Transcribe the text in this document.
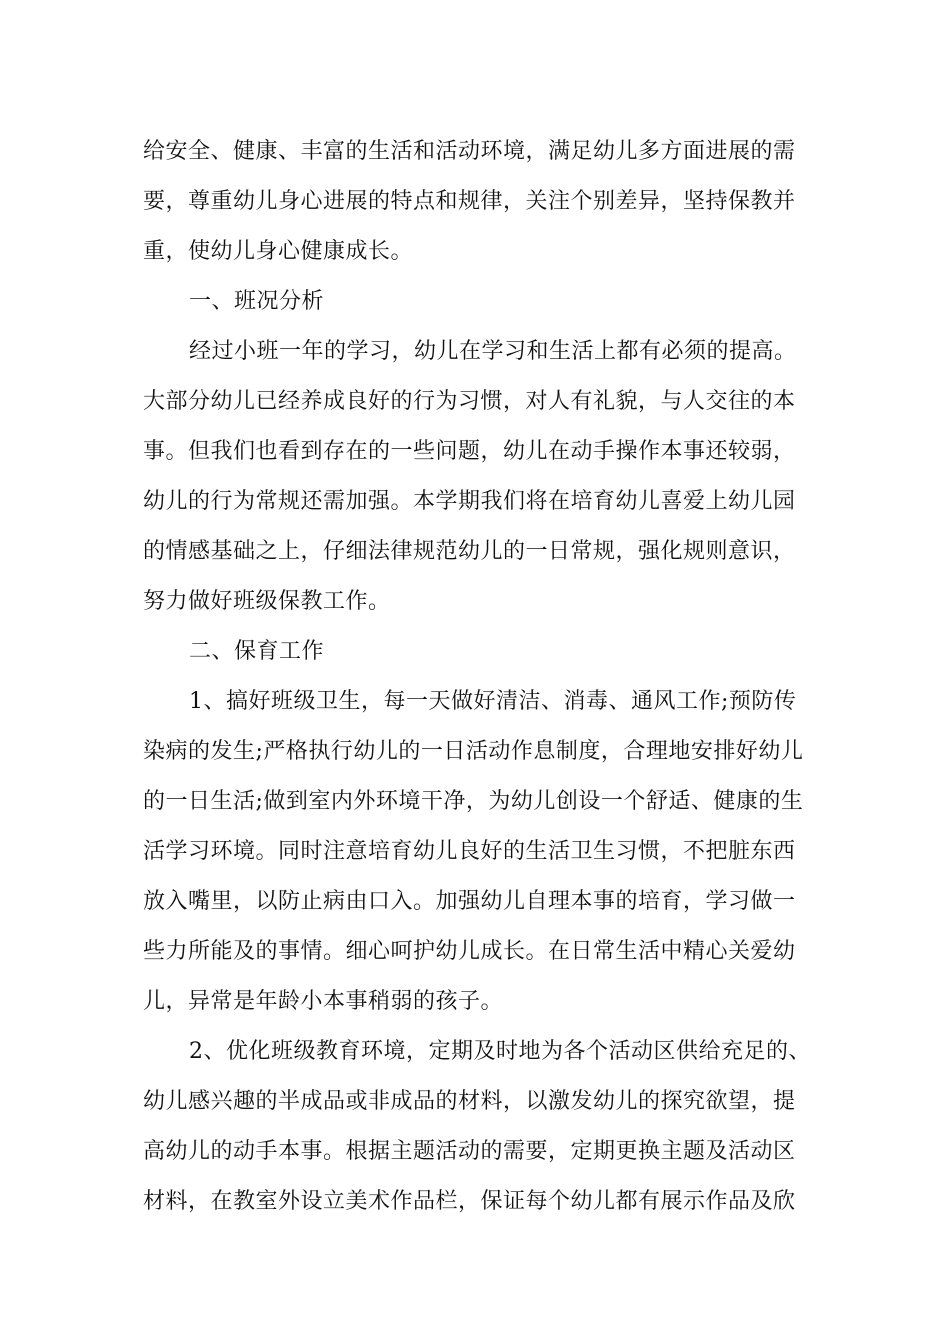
给安全、健康、丰富的生活和活动环境，满足幼儿多方面进展的需
要，尊重幼儿身心进展的特点和规律，关注个别差异，坚持保教并
重，使幼儿身心健康成长。
一、班况分析
经过小班一年的学习，幼儿在学习和生活上都有必须的提高。
大部分幼儿已经养成良好的行为习惯，对人有礼貌，与人交往的本
事。但我们也看到存在的一些问题，幼儿在动手操作本事还较弱，
幼儿的行为常规还需加强。本学期我们将在培育幼儿喜爱上幼儿园
的情感基础之上，仔细法律规范幼儿的一日常规，强化规则意识，
努力做好班级保教工作。
二、保育工作
1、搞好班级卫生，每一天做好清洁、消毒、通风工作;预防传
染病的发生;严格执行幼儿的一日活动作息制度，合理地安排好幼儿
的一日生活;做到室内外环境干净，为幼儿创设一个舒适、健康的生
活学习环境。同时注意培育幼儿良好的生活卫生习惯，不把脏东西
放入嘴里，以防止病由口入。加强幼儿自理本事的培育，学习做一
些力所能及的事情。细心呵护幼儿成长。在日常生活中精心关爱幼
儿，异常是年龄小本事稍弱的孩子。
2、优化班级教育环境，定期及时地为各个活动区供给充足的、
幼儿感兴趣的半成品或非成品的材料，以激发幼儿的探究欲望，提
高幼儿的动手本事。根据主题活动的需要，定期更换主题及活动区
材料，在教室外设立美术作品栏，保证每个幼儿都有展示作品及欣
